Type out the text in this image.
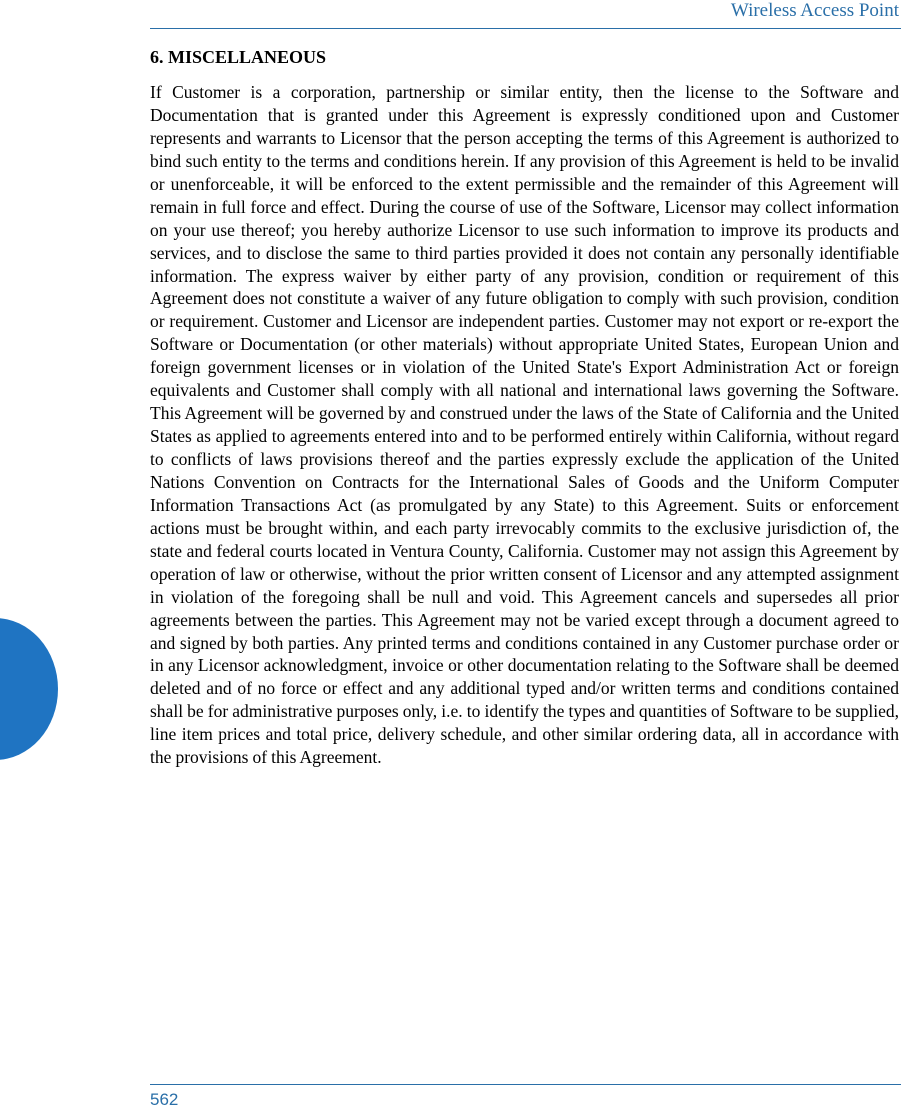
Wireless Access Point
6. MISCELLANEOUS

If Customer is a corporation, partnership or similar entity, then the license to the Software and Documentation that is granted under this Agreement is expressly conditioned upon and Customer represents and warrants to Licensor that the person accepting the terms of this Agreement is authorized to bind such entity to the terms and conditions herein. If any provision of this Agreement is held to be invalid or unenforceable, it will be enforced to the extent permissible and the remainder of this Agreement will remain in full force and effect. During the course of use of the Software, Licensor may collect information on your use thereof; you hereby authorize Licensor to use such information to improve its products and services, and to disclose the same to third parties provided it does not contain any personally identifiable information. The express waiver by either party of any provision, condition or requirement of this Agreement does not constitute a waiver of any future obligation to comply with such provision, condition or requirement. Customer and Licensor are independent parties. Customer may not export or re-export the Software or Documentation (or other materials) without appropriate United States, European Union and foreign government licenses or in violation of the United State's Export Administration Act or foreign equivalents and Customer shall comply with all national and international laws governing the Software. This Agreement will be governed by and construed under the laws of the State of California and the United States as applied to agreements entered into and to be performed entirely within California, without regard to conflicts of laws provisions thereof and the parties expressly exclude the application of the United Nations Convention on Contracts for the International Sales of Goods and the Uniform Computer Information Transactions Act (as promulgated by any State) to this Agreement. Suits or enforcement actions must be brought within, and each party irrevocably commits to the exclusive jurisdiction of, the state and federal courts located in Ventura County, California. Customer may not assign this Agreement by operation of law or otherwise, without the prior written consent of Licensor and any attempted assignment in violation of the foregoing shall be null and void. This Agreement cancels and supersedes all prior agreements between the parties. This Agreement may not be varied except through a document agreed to and signed by both parties. Any printed terms and conditions contained in any Customer purchase order or in any Licensor acknowledgment, invoice or other documentation relating to the Software shall be deemed deleted and of no force or effect and any additional typed and/or written terms and conditions contained shall be for administrative purposes only, i.e. to identify the types and quantities of Software to be supplied, line item prices and total price, delivery schedule, and other similar ordering data, all in accordance with the provisions of this Agreement.

562
